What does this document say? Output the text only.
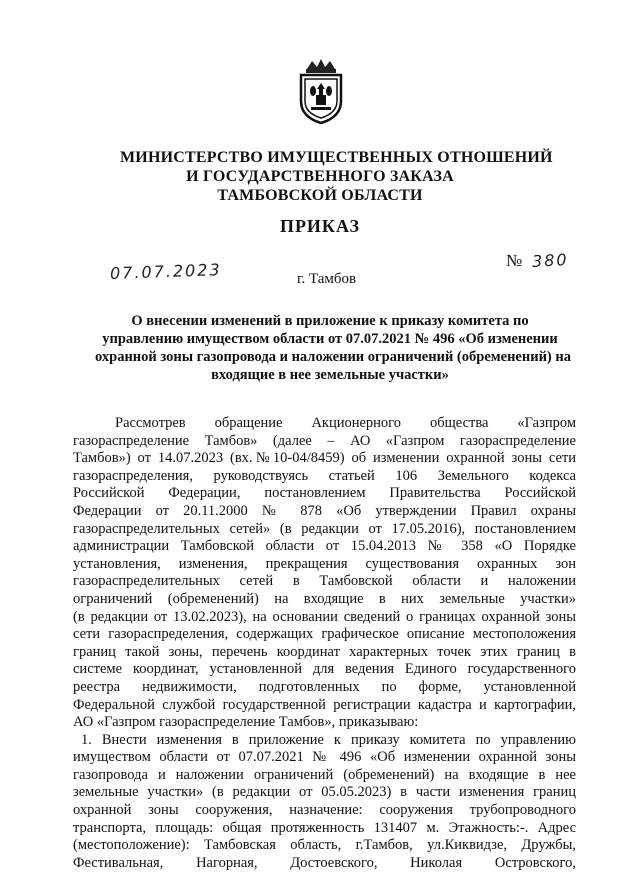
МИНИСТЕРСТВО ИМУЩЕСТВЕННЫХ ОТНОШЕНИЙ
И ГОСУДАРСТВЕННОГО ЗАКАЗА
ТАМБОВСКОЙ ОБЛАСТИ
ПРИКАЗ
07.07.2023	№ 380
г. Тамбов
О внесении изменений в приложение к приказу комитета по
управлению имуществом области от 07.07.2021 № 496 «Об изменении
охранной зоны газопровода и наложении ограничений (обременений) на
входящие в нее земельные участки»
Рассмотрев обращение Акционерного общества «Газпром
газораспределение Тамбов» (далее – АО «Газпром газораспределение
Тамбов») от 14.07.2023 (вх.№10-04/8459) об изменении охранной зоны сети
газораспределения, руководствуясь статьей 106 Земельного кодекса
Российской Федерации, постановлением Правительства Российской
Федерации от 20.11.2000 № 878 «Об утверждении Правил охраны
газораспределительных сетей» (в редакции от 17.05.2016), постановлением
администрации Тамбовской области от 15.04.2013 № 358 «О Порядке
установления, изменения, прекращения существования охранных зон
газораспределительных сетей в Тамбовской области и наложении
ограничений (обременений) на входящие в них земельные участки»
(в редакции от 13.02.2023), на основании сведений о границах охранной зоны
сети газораспределения, содержащих графическое описание местоположения
границ такой зоны, перечень координат характерных точек этих границ в
системе координат, установленной для ведения Единого государственного
реестра недвижимости, подготовленных по форме, установленной
Федеральной службой государственной регистрации кадастра и картографии,
АО «Газпром газораспределение Тамбов», приказываю:
1. Внести изменения в приложение к приказу комитета по управлению
имуществом области от 07.07.2021 № 496 «Об изменении охранной зоны
газопровода и наложении ограничений (обременений) на входящие в нее
земельные участки» (в редакции от 05.05.2023) в части изменения границ
охранной зоны сооружения, назначение: сооружения трубопроводного
транспорта, площадь: общая протяженность 131407 м. Этажность:-. Адрес
(местоположение): Тамбовская область, г.Тамбов, ул.Киквидзе, Дружбы,
Фестивальная, Нагорная, Достоевского, Николая Островского,
